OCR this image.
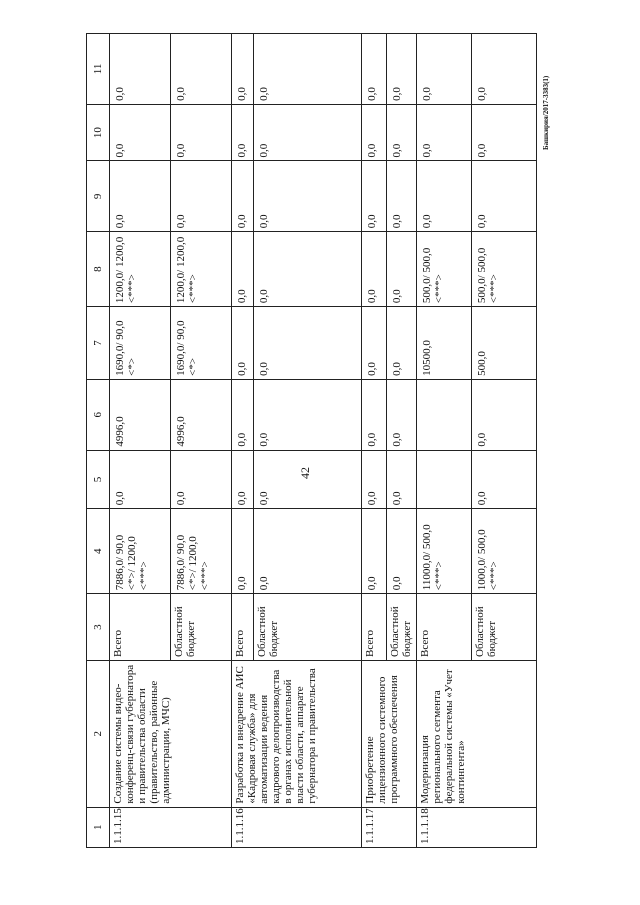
42
Башкирия/2017-3383(1)
1	2	3	4	5	6	7	8	9	10	11
1.1.1.15	Создание системы видео-конференц-связи губернатора и правительства области (правительство, районные администрации, МЧС)	Всего	7886,0/ 90,0 <*>/ 1200,0 <***>	0,0	4996,0	1690,0/ 90,0 <*>	1200,0/ 1200,0 <***>	0,0	0,0	0,0
		Областной бюджет	7886,0/ 90,0 <*>/ 1200,0 <***>	0,0	4996,0	1690,0/ 90,0 <*>	1200,0/ 1200,0 <***>	0,0	0,0	0,0
1.1.1.16	Разработка и внедрение АИС «Кадровая служба» для автоматизации ведения кадрового делопроизводства в органах исполнительной власти области, аппарате губернатора и правительства	Всего	0,0	0,0	0,0	0,0	0,0	0,0	0,0	0,0
		Областной бюджет	0,0	0,0	0,0	0,0	0,0	0,0	0,0	0,0
1.1.1.17	Приобретение лицензионного системного программного обеспечения	Всего	0,0	0,0	0,0	0,0	0,0	0,0	0,0	0,0
		Областной бюджет	0,0	0,0	0,0	0,0	0,0	0,0	0,0	0,0
1.1.1.18	Модернизация регионального сегмента федеральной системы «Учет контингента»	Всего	11000,0/ 500,0 <***>			10500,0	500,0/ 500,0 <***>	0,0	0,0	0,0
		Областной бюджет	1000,0/ 500,0 <***>	0,0	0,0	500,0	500,0/ 500,0 <***>	0,0	0,0	0,0
